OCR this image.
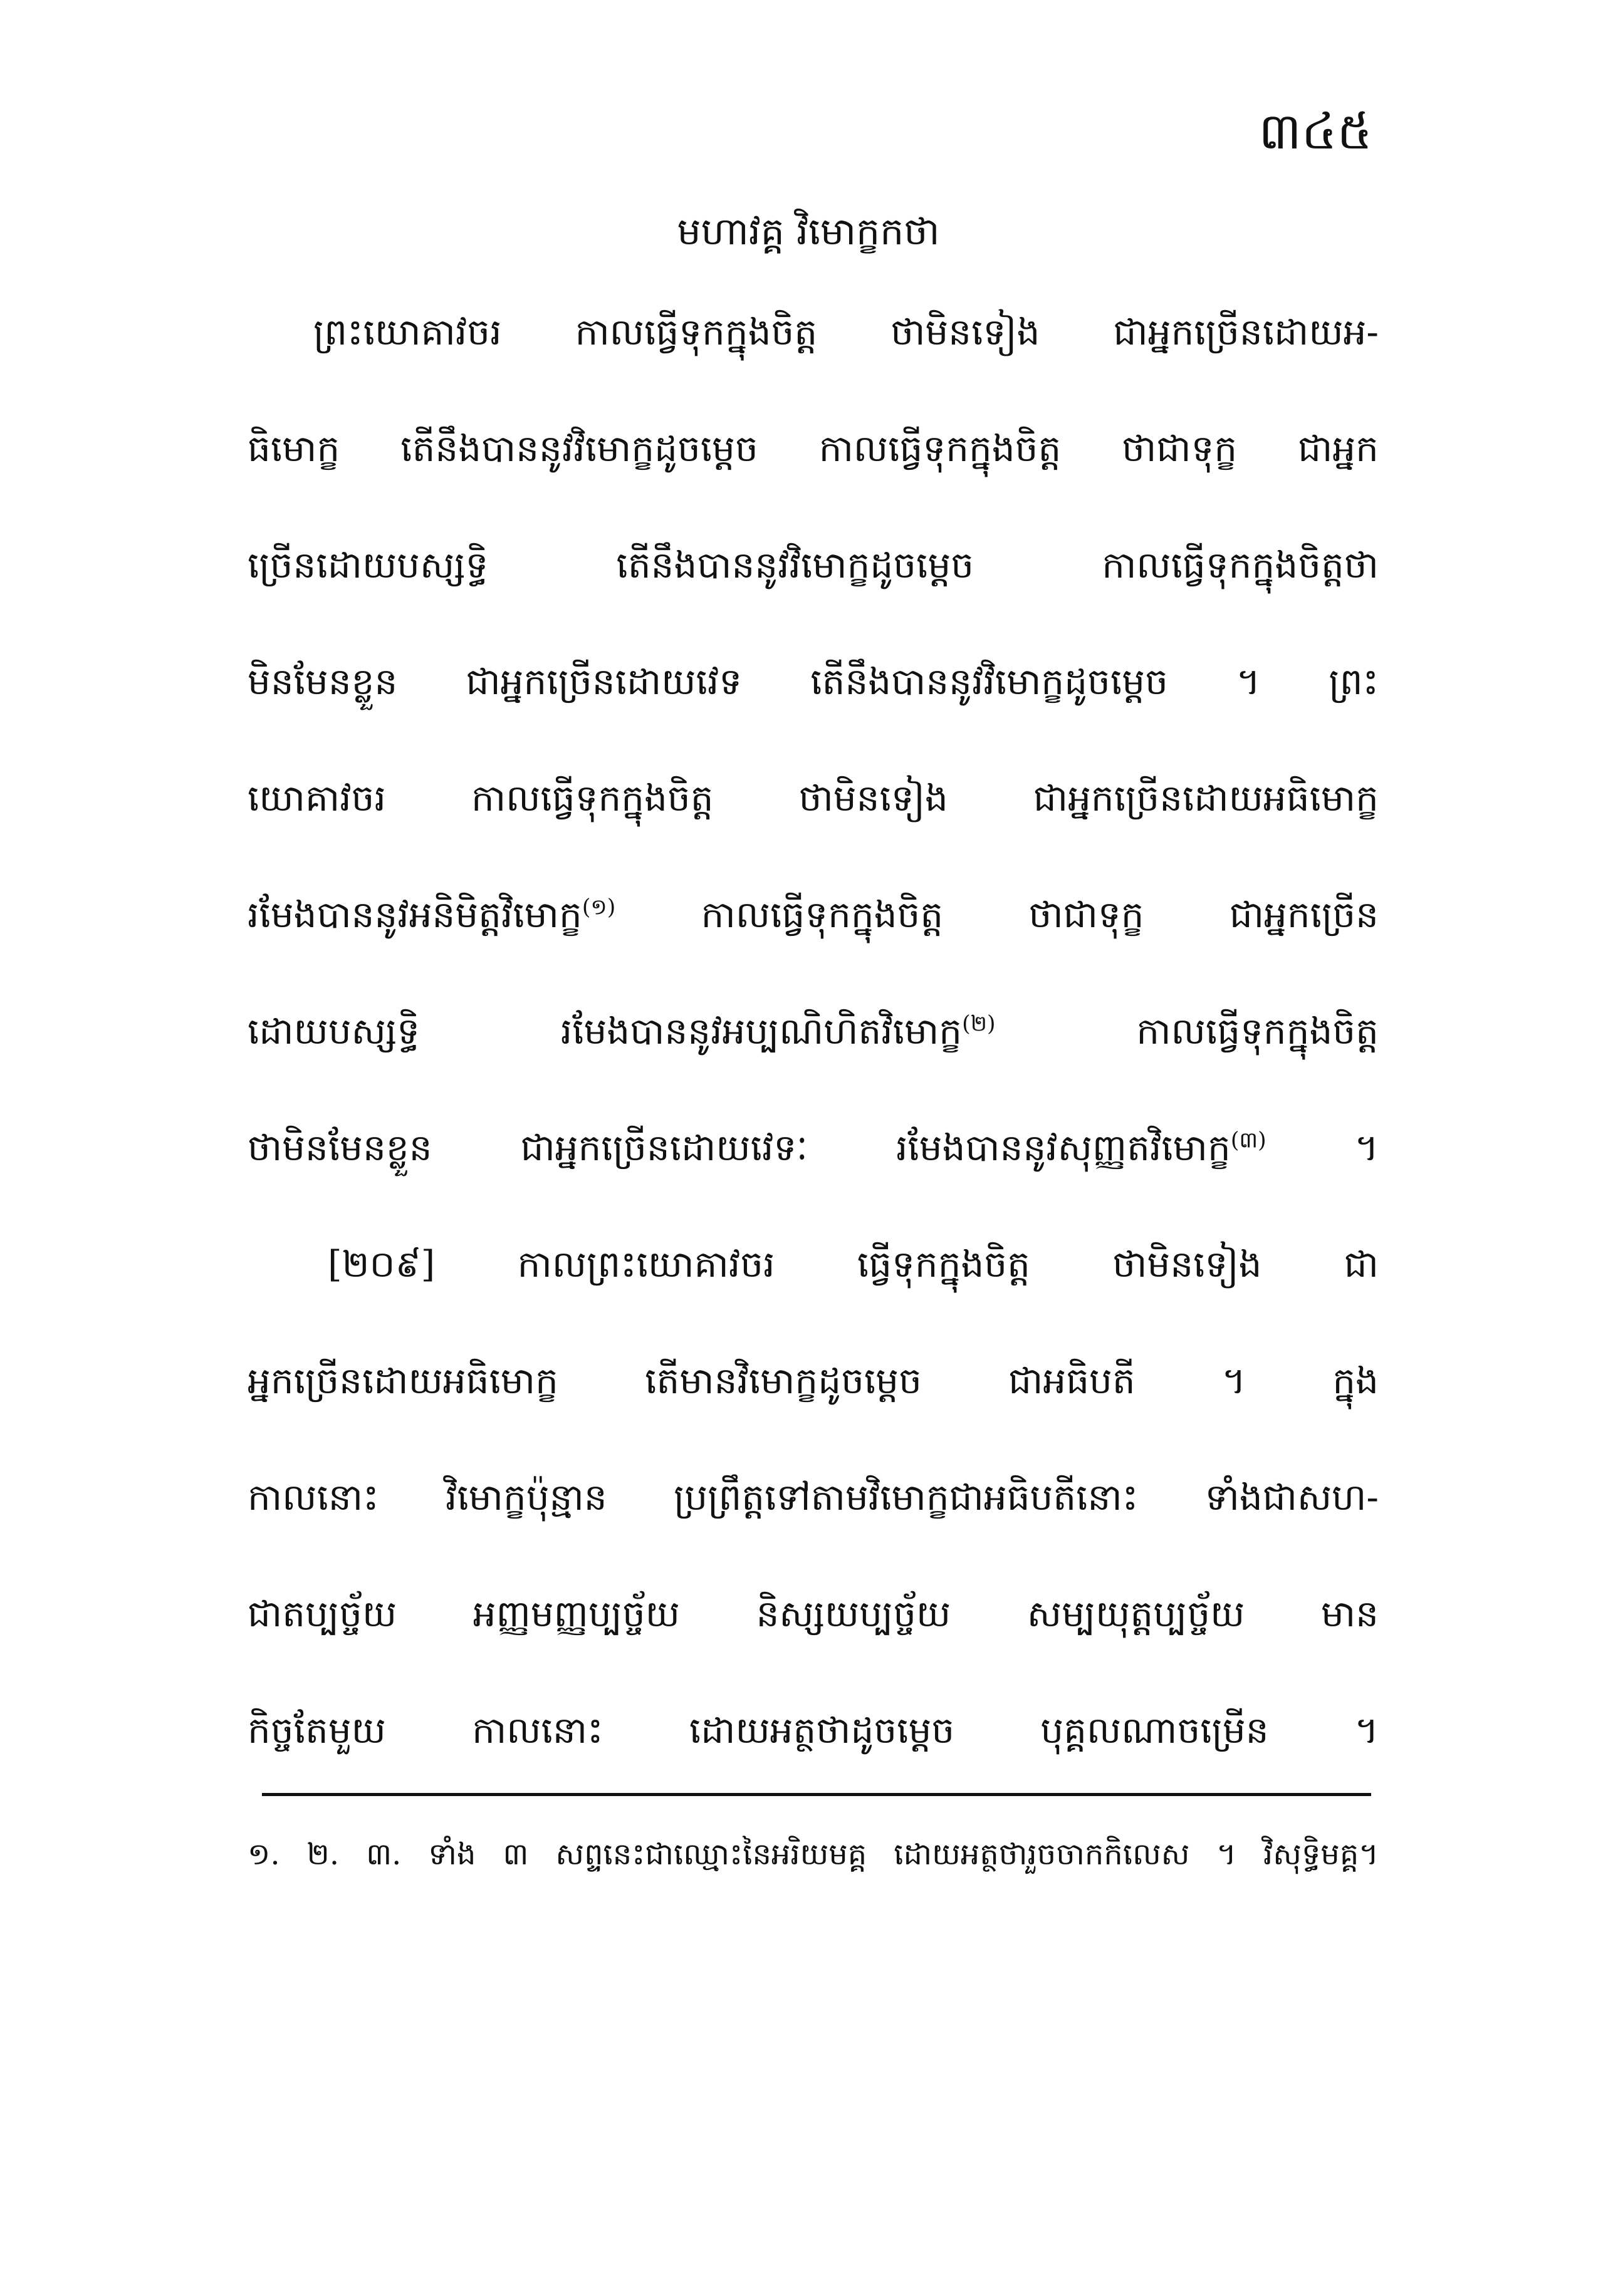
៣៤៥
មហាវគ្គ វិមោក្ខកថា
ព្រះយោគាវចរ កាលធ្វើទុកក្នុងចិត្ត ថាមិនទៀង ជាអ្នកច្រើនដោយអ-
ធិមោក្ខ តើនឹងបាននូវវិមោក្ខដូចម្តេច កាលធ្វើទុកក្នុងចិត្ត ថាជាទុក្ខ ជាអ្នក
ច្រើនដោយបស្សទ្ធិ តើនឹងបាននូវវិមោក្ខដូចម្តេច កាលធ្វើទុកក្នុងចិត្តថា
មិនមែនខ្លួន ជាអ្នកច្រើនដោយវេទ តើនឹងបាននូវវិមោក្ខដូចម្តេច ។ ព្រះ
យោគាវចរ កាលធ្វើទុកក្នុងចិត្ត ថាមិនទៀង ជាអ្នកច្រើនដោយអធិមោក្ខ
រមែងបាននូវអនិមិត្តវិមោក្ខ$^{(១)}$ កាលធ្វើទុកក្នុងចិត្ត ថាជាទុក្ខ ជាអ្នកច្រើន
ដោយបស្សទ្ធិ រមែងបាននូវអប្បណិហិតវិមោក្ខ$^{(២)}$ កាលធ្វើទុកក្នុងចិត្ត
ថាមិនមែនខ្លួន ជាអ្នកច្រើនដោយវេទៈ រមែងបាននូវសុញ្ញតវិមោក្ខ$^{(៣)}$ ។
[២០៩] កាលព្រះយោគាវចរ ធ្វើទុកក្នុងចិត្ត ថាមិនទៀង ជា
អ្នកច្រើនដោយអធិមោក្ខ តើមានវិមោក្ខដូចម្តេច ជាអធិបតី ។ ក្នុង
កាលនោះ វិមោក្ខប៉ុន្មាន ប្រព្រឹត្តទៅតាមវិមោក្ខជាអធិបតីនោះ ទាំងជាសហ-
ជាតប្បច្ច័យ អញ្ញមញ្ញប្បច្ច័យ និស្សយប្បច្ច័យ សម្បយុត្តប្បច្ច័យ មាន
កិច្ចតែមួយ កាលនោះ ដោយអត្ថថាដូចម្តេច បុគ្គលណាចម្រើន ។
១. ២. ៣. ទាំង ៣ សព្ទនេះជាឈ្មោះនៃអរិយមគ្គ ដោយអត្ថថារួចចាកកិលេស ។ វិសុទ្ធិមគ្គ។
